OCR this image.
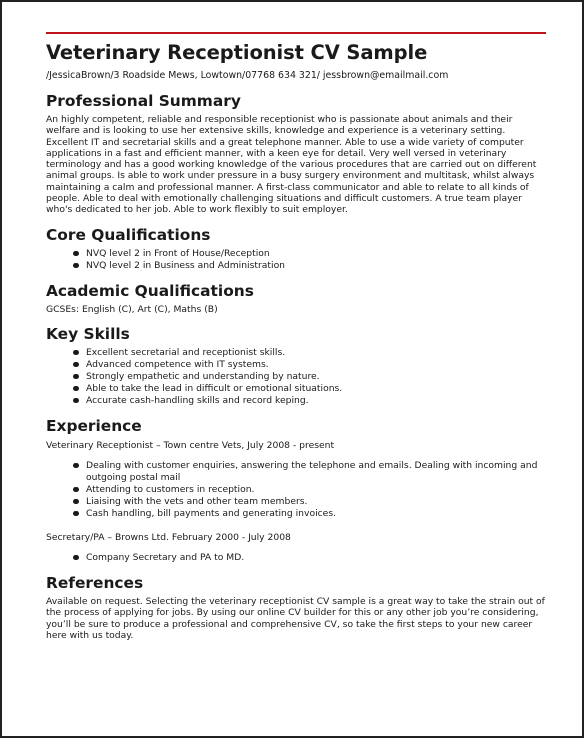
Veterinary Receptionist CV Sample
/JessicaBrown/3 Roadside Mews, Lowtown/07768 634 321/ jessbrown@emailmail.com
Professional Summary

An highly competent, reliable and responsible receptionist who is passionate about animals and their welfare and is looking to use her extensive skills, knowledge and experience is a veterinary setting. Excellent IT and secretarial skills and a great telephone manner. Able to use a wide variety of computer applications in a fast and efficient manner, with a keen eye for detail. Very well versed in veterinary terminology and has a good working knowledge of the various procedures that are carried out on different animal groups. Is able to work under pressure in a busy surgery environment and multitask, whilst always maintaining a calm and professional manner. A first-class communicator and able to relate to all kinds of people. Able to deal with emotionally challenging situations and difficult customers. A true team player who's dedicated to her job. Able to work flexibly to suit employer.

Core Qualifications
NVQ level 2 in Front of House/Reception
NVQ level 2 in Business and Administration
Academic Qualifications

GCSEs: English (C), Art (C), Maths (B)

Key Skills
Excellent secretarial and receptionist skills.
Advanced competence with IT systems.
Strongly empathetic and understanding by nature.
Able to take the lead in difficult or emotional situations.
Accurate cash-handling skills and record keping.
Experience
Veterinary Receptionist – Town centre Vets, July 2008 - present
Dealing with customer enquiries, answering the telephone and emails. Dealing with incoming and outgoing postal mail
Attending to customers in reception.
Liaising with the vets and other team members.
Cash handling, bill payments and generating invoices.
Secretary/PA – Browns Ltd. February 2000 - July 2008
Company Secretary and PA to MD.
References

Available on request. Selecting the veterinary receptionist CV sample is a great way to take the strain out of the process of applying for jobs. By using our online CV builder for this or any other job you’re considering, you’ll be sure to produce a professional and comprehensive CV, so take the first steps to your new career here with us today.
